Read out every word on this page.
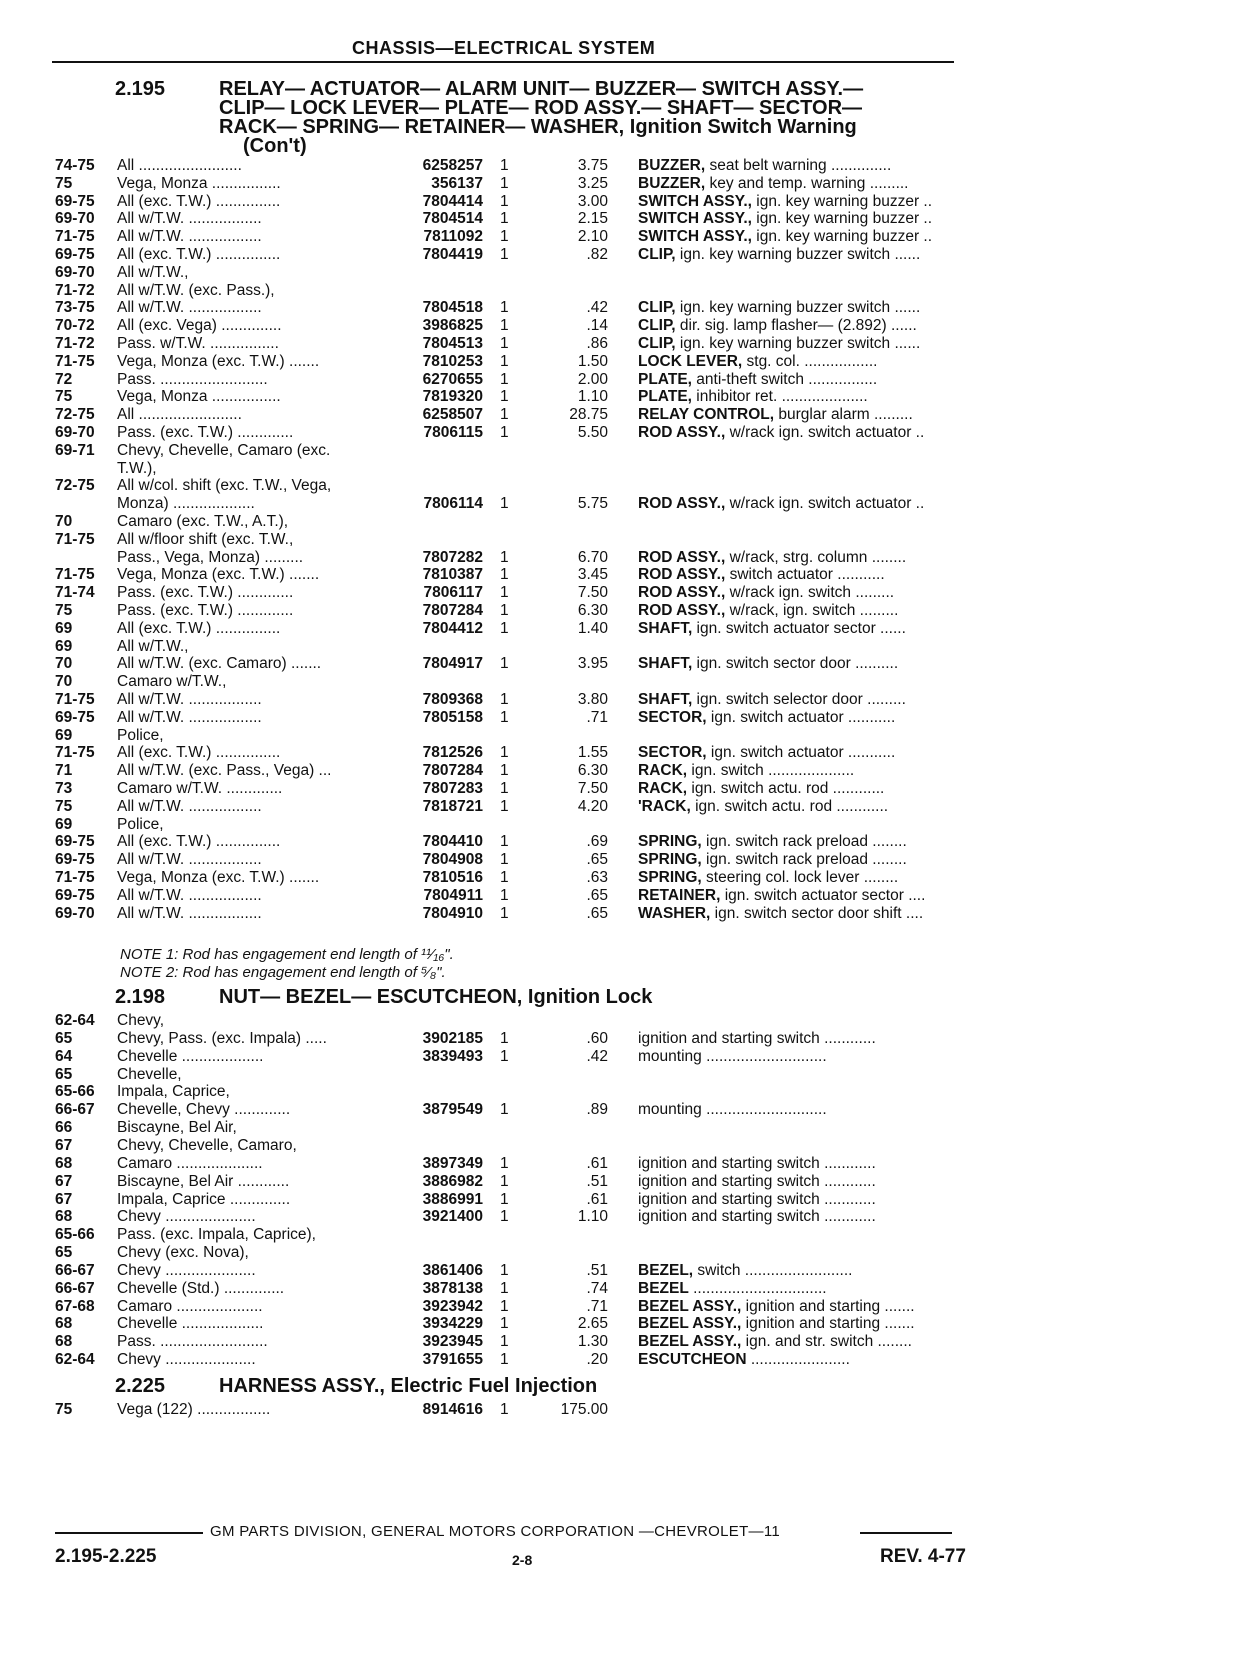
CHASSIS—ELECTRICAL SYSTEM
2.195	RELAY— ACTUATOR— ALARM UNIT— BUZZER— SWITCH ASSY.—
CLIP— LOCK LEVER— PLATE— ROD ASSY.— SHAFT— SECTOR—
RACK— SPRING— RETAINER— WASHER, Ignition Switch Warning
(Con't)
74-75	All ........................	6258257 1	3.75 BUZZER, seat belt warning ..............
75	Vega, Monza ................	356137 1	3.25 BUZZER, key and temp. warning .........
69-75	All (exc. T.W.) ...............	7804414 1	3.00 SWITCH ASSY., ign. key warning buzzer ..
69-70	All w/T.W. .................	7804514 1	2.15 SWITCH ASSY., ign. key warning buzzer ..
71-75	All w/T.W. .................	7811092 1	2.10 SWITCH ASSY., ign. key warning buzzer ..
69-75	All (exc. T.W.) ...............	7804419 1	.82 CLIP, ign. key warning buzzer switch ......
69-70	All w/T.W.,
71-72	All w/T.W. (exc. Pass.),
73-75	All w/T.W. .................	7804518 1	.42 CLIP, ign. key warning buzzer switch ......
70-72	All (exc. Vega) ..............	3986825 1	.14 CLIP, dir. sig. lamp flasher— (2.892) ......
71-72	Pass. w/T.W. ................	7804513 1	.86 CLIP, ign. key warning buzzer switch ......
71-75	Vega, Monza (exc. T.W.) .......	7810253 1	1.50 LOCK LEVER, stg. col. .................
72	Pass. .........................	6270655 1	2.00 PLATE, anti-theft switch ................
75	Vega, Monza ................	7819320 1	1.10 PLATE, inhibitor ret. ....................
72-75	All ........................	6258507 1	28.75 RELAY CONTROL, burglar alarm .........
69-70	Pass. (exc. T.W.) .............	7806115 1	5.50 ROD ASSY., w/rack ign. switch actuator ..
69-71	Chevy, Chevelle, Camaro (exc.
T.W.),
72-75	All w/col. shift (exc. T.W., Vega,
Monza) ...................	7806114 1	5.75 ROD ASSY., w/rack ign. switch actuator ..
70	Camaro (exc. T.W., A.T.),
71-75	All w/floor shift (exc. T.W.,
Pass., Vega, Monza) .........	7807282 1	6.70 ROD ASSY., w/rack, strg. column ........
71-75	Vega, Monza (exc. T.W.) .......	7810387 1	3.45 ROD ASSY., switch actuator ...........
71-74	Pass. (exc. T.W.) .............	7806117 1	7.50 ROD ASSY., w/rack ign. switch .........
75	Pass. (exc. T.W.) .............	7807284 1	6.30 ROD ASSY., w/rack, ign. switch .........
69	All (exc. T.W.) ...............	7804412 1	1.40 SHAFT, ign. switch actuator sector ......
69	All w/T.W.,
70	All w/T.W. (exc. Camaro) .......	7804917 1	3.95 SHAFT, ign. switch sector door ..........
70	Camaro w/T.W.,
71-75	All w/T.W. .................	7809368 1	3.80 SHAFT, ign. switch selector door .........
69-75	All w/T.W. .................	7805158 1	.71 SECTOR, ign. switch actuator ...........
69	Police,
71-75	All (exc. T.W.) ...............	7812526 1	1.55 SECTOR, ign. switch actuator ...........
71	All w/T.W. (exc. Pass., Vega) ...	7807284 1	6.30 RACK, ign. switch ....................
73	Camaro w/T.W. .............	7807283 1	7.50 RACK, ign. switch actu. rod ............
75	All w/T.W. .................	7818721 1	4.20 'RACK, ign. switch actu. rod ............
69	Police,
69-75	All (exc. T.W.) ...............	7804410 1	.69 SPRING, ign. switch rack preload ........
69-75	All w/T.W. .................	7804908 1	.65 SPRING, ign. switch rack preload ........
71-75	Vega, Monza (exc. T.W.) .......	7810516 1	.63 SPRING, steering col. lock lever ........
69-75	All w/T.W. .................	7804911 1	.65 RETAINER, ign. switch actuator sector ....
69-70	All w/T.W. .................	7804910 1	.65 WASHER, ign. switch sector door shift ....
NOTE 1: Rod has engagement end length of ¹¹⁄₁₆".
NOTE 2: Rod has engagement end length of ⁵⁄₈".
2.198	NUT— BEZEL— ESCUTCHEON, Ignition Lock
62-64	Chevy,
65	Chevy, Pass. (exc. Impala) .....	3902185 1	.60 ignition and starting switch ............
64	Chevelle ...................	3839493 1	.42 mounting ............................
65	Chevelle,
65-66	Impala, Caprice,
66-67	Chevelle, Chevy .............	3879549 1	.89 mounting ............................
66	Biscayne, Bel Air,
67	Chevy, Chevelle, Camaro,
68	Camaro ....................	3897349 1	.61 ignition and starting switch ............
67	Biscayne, Bel Air ............	3886982 1	.51 ignition and starting switch ............
67	Impala, Caprice ..............	3886991 1	.61 ignition and starting switch ............
68	Chevy .....................	3921400 1	1.10 ignition and starting switch ............
65-66	Pass. (exc. Impala, Caprice),
65	Chevy (exc. Nova),
66-67	Chevy .....................	3861406 1	.51 BEZEL, switch .........................
66-67	Chevelle (Std.) ..............	3878138 1	.74 BEZEL ...............................
67-68	Camaro ....................	3923942 1	.71 BEZEL ASSY., ignition and starting .......
68	Chevelle ...................	3934229 1	2.65 BEZEL ASSY., ignition and starting .......
68	Pass. .........................	3923945 1	1.30 BEZEL ASSY., ign. and str. switch ........
62-64	Chevy .....................	3791655 1	.20 ESCUTCHEON .......................
2.225	HARNESS ASSY., Electric Fuel Injection
75	Vega (122) .................	8914616 1	175.00
GM PARTS DIVISION, GENERAL MOTORS CORPORATION —CHEVROLET—11
2.195-2.225	2-8	REV. 4-77
